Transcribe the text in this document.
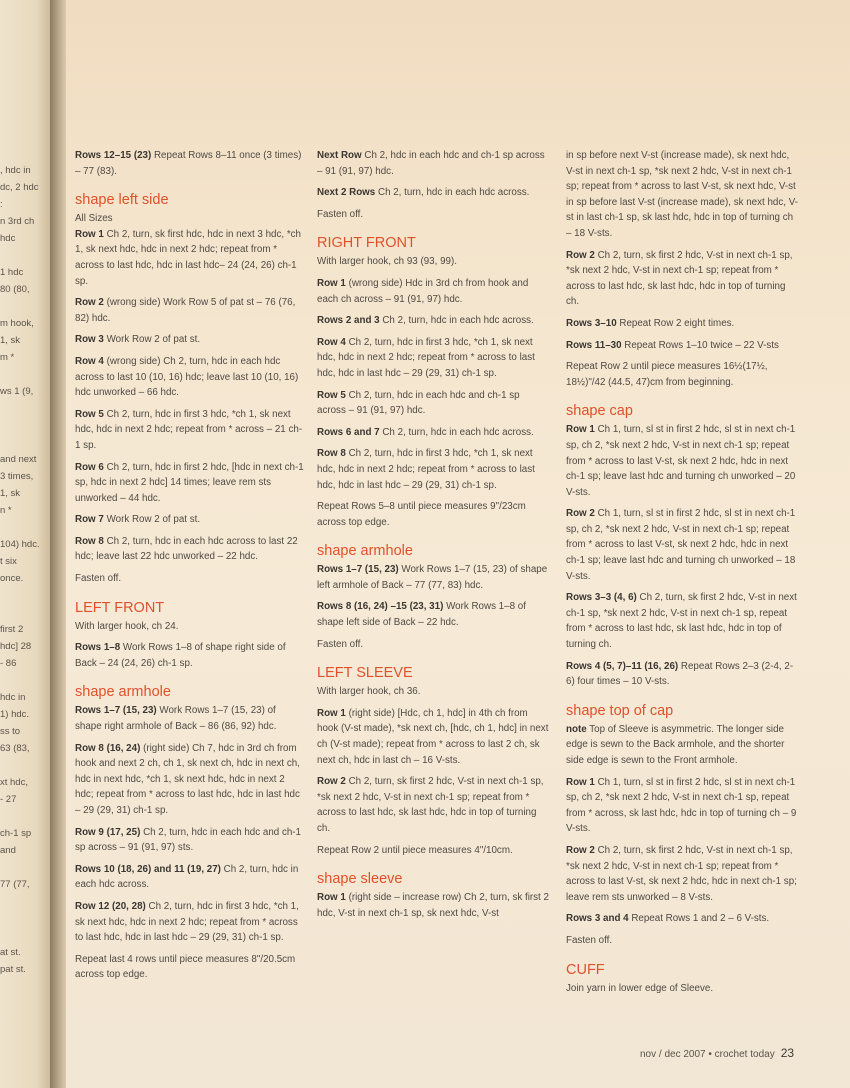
, hdc in
dc, 2 hdc
:
n 3rd ch
hdc
1 hdc
80 (80,
m hook,
1, sk
m *
ws 1 (9,
and next
3 times,
1, sk
n *
104) hdc.
t six
once.
first 2
hdc] 28
- 86
hdc in
1) hdc.
ss to
63 (83,
xt hdc,
- 27
ch-1 sp
and
77 (77,
at st.
pat st.
Rows 12–15 (23) Repeat Rows 8–11 once (3 times) – 77 (83).
shape left side
All Sizes
Row 1 Ch 2, turn, sk first hdc, hdc in next 3 hdc, *ch 1, sk next hdc, hdc in next 2 hdc; repeat from * across to last hdc, hdc in last hdc– 24 (24, 26) ch-1 sp.
Row 2 (wrong side) Work Row 5 of pat st – 76 (76, 82) hdc.
Row 3 Work Row 2 of pat st.
Row 4 (wrong side) Ch 2, turn, hdc in each hdc across to last 10 (10, 16) hdc; leave last 10 (10, 16) hdc unworked – 66 hdc.
Row 5 Ch 2, turn, hdc in first 3 hdc, *ch 1, sk next hdc, hdc in next 2 hdc; repeat from * across – 21 ch-1 sp.
Row 6 Ch 2, turn, hdc in first 2 hdc, [hdc in next ch-1 sp, hdc in next 2 hdc] 14 times; leave rem sts unworked – 44 hdc.
Row 7 Work Row 2 of pat st.
Row 8 Ch 2, turn, hdc in each hdc across to last 22 hdc; leave last 22 hdc unworked – 22 hdc.
Fasten off.
LEFT FRONT
With larger hook, ch 24.
Rows 1–8 Work Rows 1–8 of shape right side of Back – 24 (24, 26) ch-1 sp.
shape armhole
Rows 1–7 (15, 23) Work Rows 1–7 (15, 23) of shape right armhole of Back – 86 (86, 92) hdc.
Row 8 (16, 24) (right side) Ch 7, hdc in 3rd ch from hook and next 2 ch, ch 1, sk next ch, hdc in next ch, hdc in next hdc, *ch 1, sk next hdc, hdc in next 2 hdc; repeat from * across to last hdc, hdc in last hdc – 29 (29, 31) ch-1 sp.
Row 9 (17, 25) Ch 2, turn, hdc in each hdc and ch-1 sp across – 91 (91, 97) sts.
Rows 10 (18, 26) and 11 (19, 27) Ch 2, turn, hdc in each hdc across.
Row 12 (20, 28) Ch 2, turn, hdc in first 3 hdc, *ch 1, sk next hdc, hdc in next 2 hdc; repeat from * across to last hdc, hdc in last hdc – 29 (29, 31) ch-1 sp.
Repeat last 4 rows until piece measures 8"/20.5cm across top edge.
Next Row Ch 2, hdc in each hdc and ch-1 sp across – 91 (91, 97) hdc.
Next 2 Rows Ch 2, turn, hdc in each hdc across.
Fasten off.
RIGHT FRONT
With larger hook, ch 93 (93, 99).
Row 1 (wrong side) Hdc in 3rd ch from hook and each ch across – 91 (91, 97) hdc.
Rows 2 and 3 Ch 2, turn, hdc in each hdc across.
Row 4 Ch 2, turn, hdc in first 3 hdc, *ch 1, sk next hdc, hdc in next 2 hdc; repeat from * across to last hdc, hdc in last hdc – 29 (29, 31) ch-1 sp.
Row 5 Ch 2, turn, hdc in each hdc and ch-1 sp across – 91 (91, 97) hdc.
Rows 6 and 7 Ch 2, turn, hdc in each hdc across.
Row 8 Ch 2, turn, hdc in first 3 hdc, *ch 1, sk next hdc, hdc in next 2 hdc; repeat from * across to last hdc, hdc in last hdc – 29 (29, 31) ch-1 sp.
Repeat Rows 5–8 until piece measures 9"/23cm across top edge.
shape armhole
Rows 1–7 (15, 23) Work Rows 1–7 (15, 23) of shape left armhole of Back – 77 (77, 83) hdc.
Rows 8 (16, 24) –15 (23, 31) Work Rows 1–8 of shape left side of Back – 22 hdc.
Fasten off.
LEFT SLEEVE
With larger hook, ch 36.
Row 1 (right side) [Hdc, ch 1, hdc] in 4th ch from hook (V-st made), *sk next ch, [hdc, ch 1, hdc] in next ch (V-st made); repeat from * across to last 2 ch, sk next ch, hdc in last ch – 16 V-sts.
Row 2 Ch 2, turn, sk first 2 hdc, V-st in next ch-1 sp, *sk next 2 hdc, V-st in next ch-1 sp; repeat from * across to last hdc, sk last hdc, hdc in top of turning ch.
Repeat Row 2 until piece measures 4"/10cm.
shape sleeve
Row 1 (right side – increase row) Ch 2, turn, sk first 2 hdc, V-st in next ch-1 sp, sk next hdc, V-st
in sp before next V-st (increase made), sk next hdc, V-st in next ch-1 sp, *sk next 2 hdc, V-st in next ch-1 sp; repeat from * across to last V-st, sk next hdc, V-st in sp before last V-st (increase made), sk next hdc, V-st in last ch-1 sp, sk last hdc, hdc in top of turning ch – 18 V-sts.
Row 2 Ch 2, turn, sk first 2 hdc, V-st in next ch-1 sp, *sk next 2 hdc, V-st in next ch-1 sp; repeat from * across to last hdc, sk last hdc, hdc in top of turning ch.
Rows 3–10 Repeat Row 2 eight times.
Rows 11–30 Repeat Rows 1–10 twice – 22 V-sts
Repeat Row 2 until piece measures 16½(17½, 18½)"/42 (44.5, 47)cm from beginning.
shape cap
Row 1 Ch 1, turn, sl st in first 2 hdc, sl st in next ch-1 sp, ch 2, *sk next 2 hdc, V-st in next ch-1 sp; repeat from * across to last V-st, sk next 2 hdc, hdc in next ch-1 sp; leave last hdc and turning ch unworked – 20 V-sts.
Row 2 Ch 1, turn, sl st in first 2 hdc, sl st in next ch-1 sp, ch 2, *sk next 2 hdc, V-st in next ch-1 sp; repeat from * across to last V-st, sk next 2 hdc, hdc in next ch-1 sp; leave last hdc and turning ch unworked – 18 V-sts.
Rows 3–3 (4, 6) Ch 2, turn, sk first 2 hdc, V-st in next ch-1 sp, *sk next 2 hdc, V-st in next ch-1 sp, repeat from * across to last hdc, sk last hdc, hdc in top of turning ch.
Rows 4 (5, 7)–11 (16, 26) Repeat Rows 2–3 (2-4, 2-6) four times – 10 V-sts.
shape top of cap
note Top of Sleeve is asymmetric. The longer side edge is sewn to the Back armhole, and the shorter side edge is sewn to the Front armhole.
Row 1 Ch 1, turn, sl st in first 2 hdc, sl st in next ch-1 sp, ch 2, *sk next 2 hdc, V-st in next ch-1 sp, repeat from * across, sk last hdc, hdc in top of turning ch – 9 V-sts.
Row 2 Ch 2, turn, sk first 2 hdc, V-st in next ch-1 sp, *sk next 2 hdc, V-st in next ch-1 sp; repeat from * across to last V-st, sk next 2 hdc, hdc in next ch-1 sp; leave rem sts unworked – 8 V-sts.
Rows 3 and 4 Repeat Rows 1 and 2 – 6 V-sts.
Fasten off.
CUFF
Join yarn in lower edge of Sleeve.
nov / dec 2007 • crochet today 23
